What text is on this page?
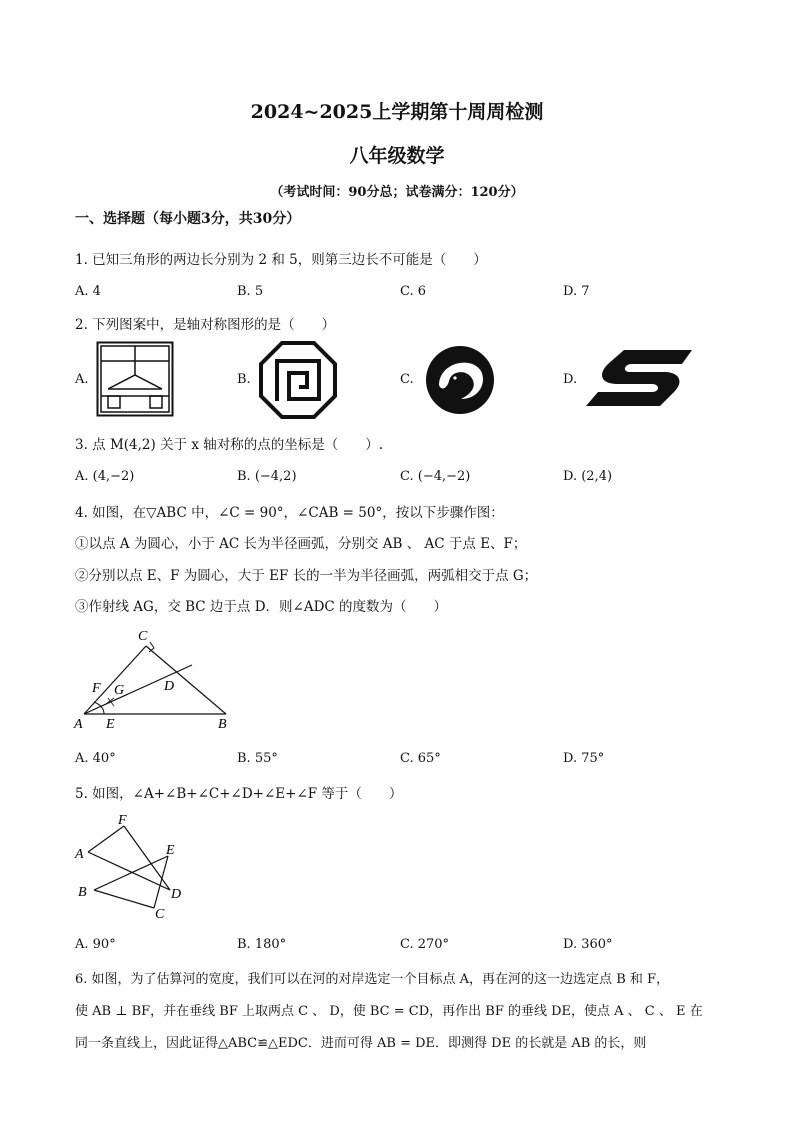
2024~2025上学期第十周周检测
八年级数学
（考试时间：90分总；试卷满分：120分）
一、选择题（每小题3分，共30分）
1. 已知三角形的两边长分别为 2 和 5，则第三边长不可能是（　　）
A. 4	B. 5	C. 6	D. 7
2. 下列图案中，是轴对称图形的是（　　）
A.	B.	C.	D.
3. 点 M(4,2) 关于 x 轴对称的点的坐标是（　　）.
A. (4,−2)	B. (−4,2)	C. (−4,−2)	D. (2,4)
4. 如图，在▽ABC 中，∠C = 90°，∠CAB = 50°，按以下步骤作图：
①以点 A 为圆心，小于 AC 长为半径画弧，分别交 AB 、 AC 于点 E、F；
②分别以点 E、F 为圆心，大于 EF 长的一半为半径画弧，两弧相交于点 G；
③作射线 AG，交 BC 边于点 D．则∠ADC 的度数为（　　）
C
D
F G
A E	B
A. 40°	B. 55°	C. 65°	D. 75°
5. 如图，∠A+∠B+∠C+∠D+∠E+∠F 等于（　　）
F
A	E
B	D
C
A. 90°	B. 180°	C. 270°	D. 360°
6. 如图，为了估算河的宽度，我们可以在河的对岸选定一个目标点 A，再在河的这一边选定点 B 和 F，
使 AB ⊥ BF，并在垂线 BF 上取两点 C 、 D，使 BC = CD，再作出 BF 的垂线 DE，使点 A 、 C 、 E 在
同一条直线上，因此证得△ABC≌△EDC．进而可得 AB = DE．即测得 DE 的长就是 AB 的长，则
